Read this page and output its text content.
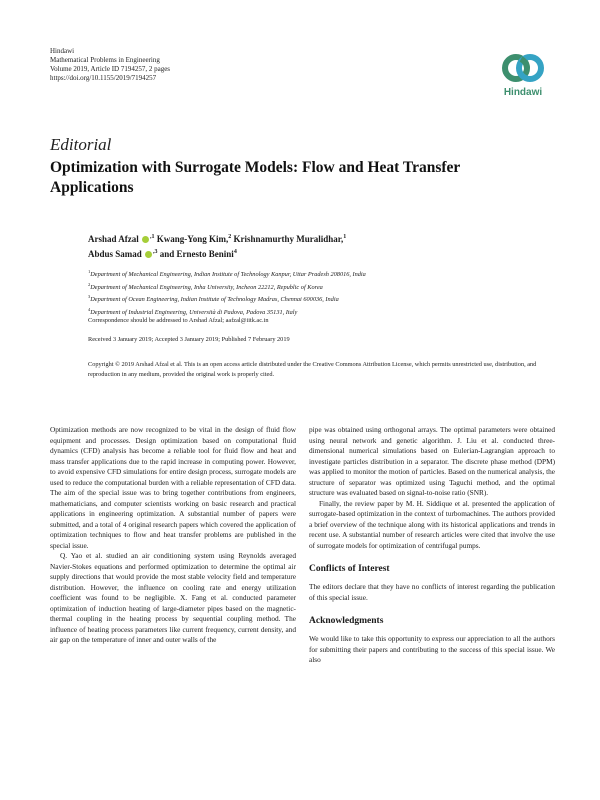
Hindawi
Mathematical Problems in Engineering
Volume 2019, Article ID 7194257, 2 pages
https://doi.org/10.1155/2019/7194257
Hindawi
Editorial
Optimization with Surrogate Models: Flow and Heat Transfer Applications
Arshad Afzal $^{,1}$ Kwang-Yong Kim,$^2$ Krishnamurthy Muralidhar,$^1$
Abdus Samad $^{,3}$ and Ernesto Benini$^4$
$^1$Department of Mechanical Engineering, Indian Institute of Technology Kanpur, Uttar Pradesh 208016, India
$^2$Department of Mechanical Engineering, Inha University, Incheon 22212, Republic of Korea
$^3$Department of Ocean Engineering, Indian Institute of Technology Madras, Chennai 600036, India
$^4$Department of Industrial Engineering, Università di Padova, Padova 35131, Italy
Correspondence should be addressed to Arshad Afzal; aafzal@iitk.ac.in
Received 3 January 2019; Accepted 3 January 2019; Published 7 February 2019
Copyright © 2019 Arshad Afzal et al. This is an open access article distributed under the Creative Commons Attribution License, which permits unrestricted use, distribution, and reproduction in any medium, provided the original work is properly cited.

Optimization methods are now recognized to be vital in the design of fluid flow equipment and processes. Design optimization based on computational fluid dynamics (CFD) analysis has become a reliable tool for fluid flow and heat and mass transfer applications due to the rapid increase in computing power. However, to avoid expensive CFD simulations for entire design process, surrogate models are used to reduce the computational burden with a reliable representation of CFD data. The aim of the special issue was to bring together contributions from engineers, mathematicians, and computer scientists working on basic research and practical applications in engineering optimization. A substantial number of papers were submitted, and a total of 4 original research papers which covered the application of optimization techniques to flow and heat transfer problems are published in the special issue.

Q. Yao et al. studied an air conditioning system using Reynolds averaged Navier-Stokes equations and performed optimization to determine the optimal air supply directions that would provide the most stable velocity field and temperature distribution. However, the influence on cooling rate and energy utilization coefficient was found to be negligible. X. Fang et al. conducted parameter optimization of induction heating of large-diameter pipes based on the magnetic-thermal coupling in the heating process by sequential coupling method. The influence of heating process parameters like current frequency, current density, and air gap on the temperature of inner and outer walls of the

pipe was obtained using orthogonal arrays. The optimal parameters were obtained using neural network and genetic algorithm. J. Liu et al. conducted three-dimensional numerical simulations based on Eulerian-Lagrangian approach to investigate particles distribution in a separator. The discrete phase method (DPM) was applied to monitor the motion of particles. Based on the numerical analysis, the structure of separator was optimized using Taguchi method, and the optimal structure was evaluated based on signal-to-noise ratio (SNR).

Finally, the review paper by M. H. Siddique et al. presented the application of surrogate-based optimization in the context of turbomachines. The authors provided a brief overview of the technique along with its historical applications and trends in recent use. A substantial number of research articles were cited that involve the use of surrogate models for optimization of centrifugal pumps.

Conflicts of Interest

The editors declare that they have no conflicts of interest regarding the publication of this special issue.

Acknowledgments

We would like to take this opportunity to express our appreciation to all the authors for submitting their papers and contributing to the success of this special issue. We also
